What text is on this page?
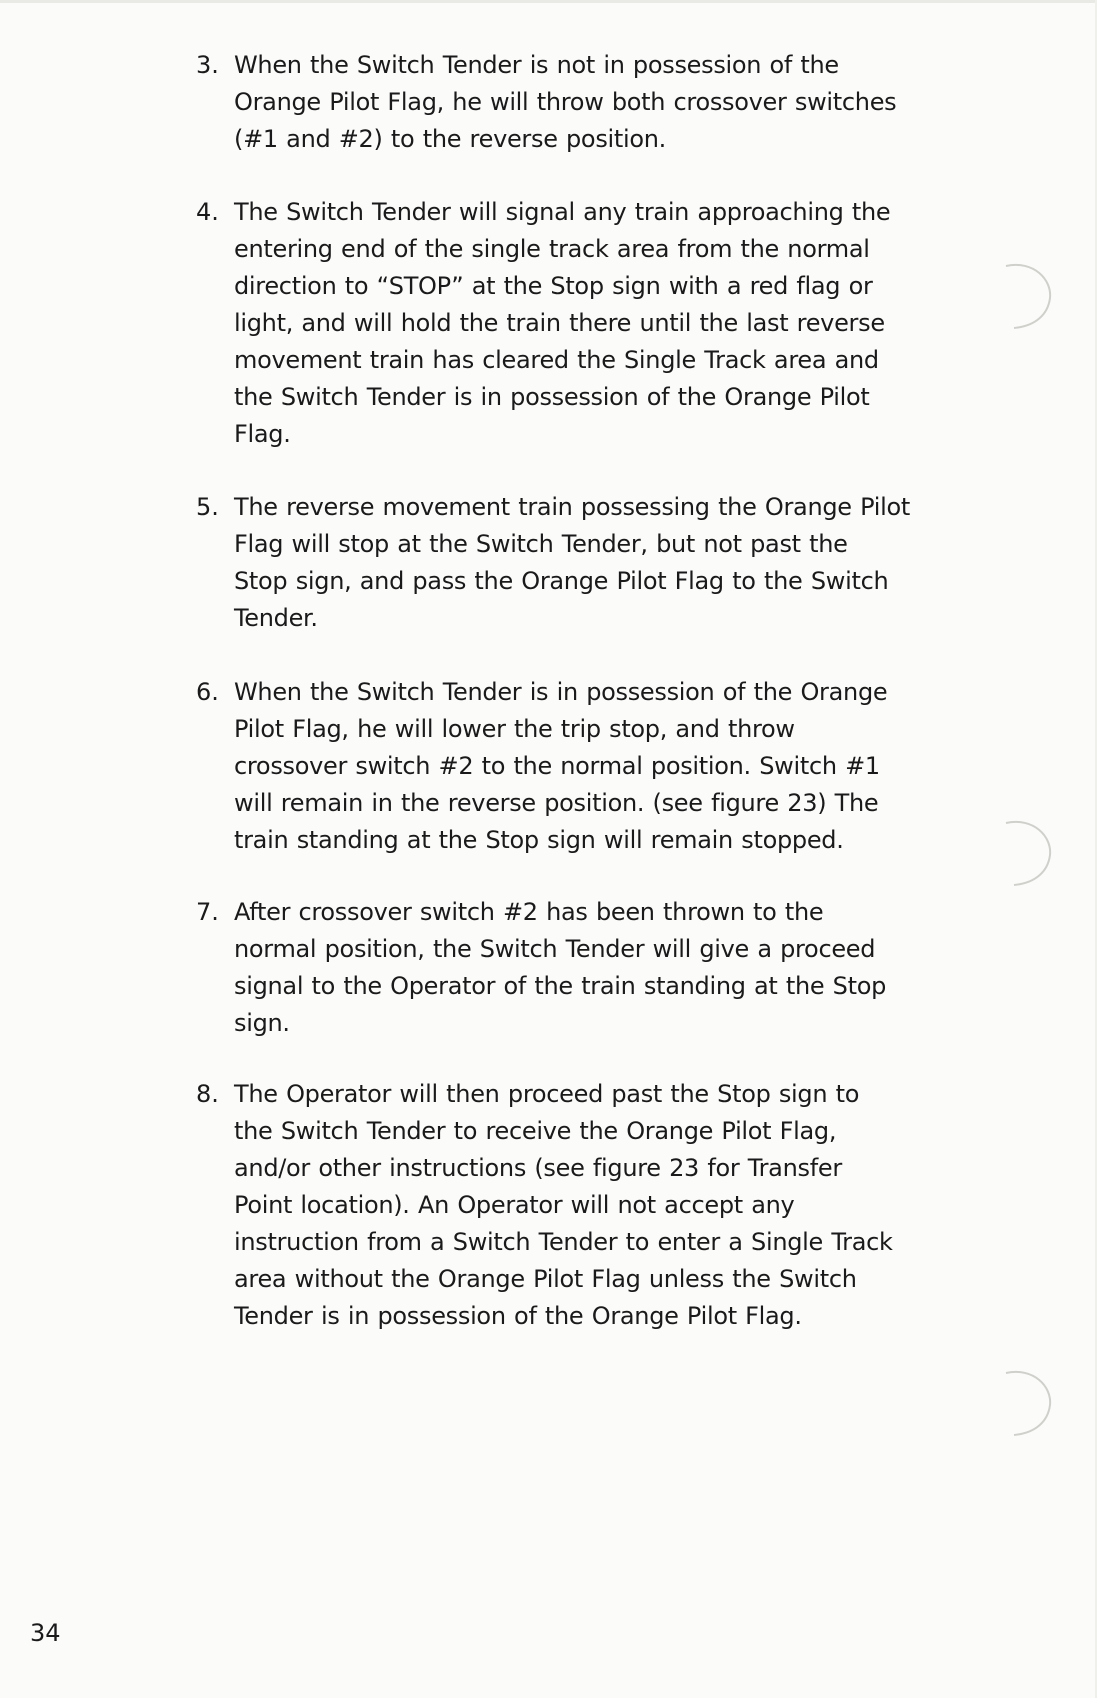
3. When the Switch Tender is not in possession of the
Orange Pilot Flag, he will throw both crossover switches
(#1 and #2) to the reverse position.
4. The Switch Tender will signal any train approaching the
entering end of the single track area from the normal
direction to “STOP” at the Stop sign with a red flag or
light, and will hold the train there until the last reverse
movement train has cleared the Single Track area and
the Switch Tender is in possession of the Orange Pilot
Flag.
5. The reverse movement train possessing the Orange Pilot
Flag will stop at the Switch Tender, but not past the
Stop sign, and pass the Orange Pilot Flag to the Switch
Tender.
6. When the Switch Tender is in possession of the Orange
Pilot Flag, he will lower the trip stop, and throw
crossover switch #2 to the normal position. Switch #1
will remain in the reverse position. (see figure 23) The
train standing at the Stop sign will remain stopped.
7. After crossover switch #2 has been thrown to the
normal position, the Switch Tender will give a proceed
signal to the Operator of the train standing at the Stop
sign.
8. The Operator will then proceed past the Stop sign to
the Switch Tender to receive the Orange Pilot Flag,
and/or other instructions (see figure 23 for Transfer
Point location). An Operator will not accept any
instruction from a Switch Tender to enter a Single Track
area without the Orange Pilot Flag unless the Switch
Tender is in possession of the Orange Pilot Flag.
34
